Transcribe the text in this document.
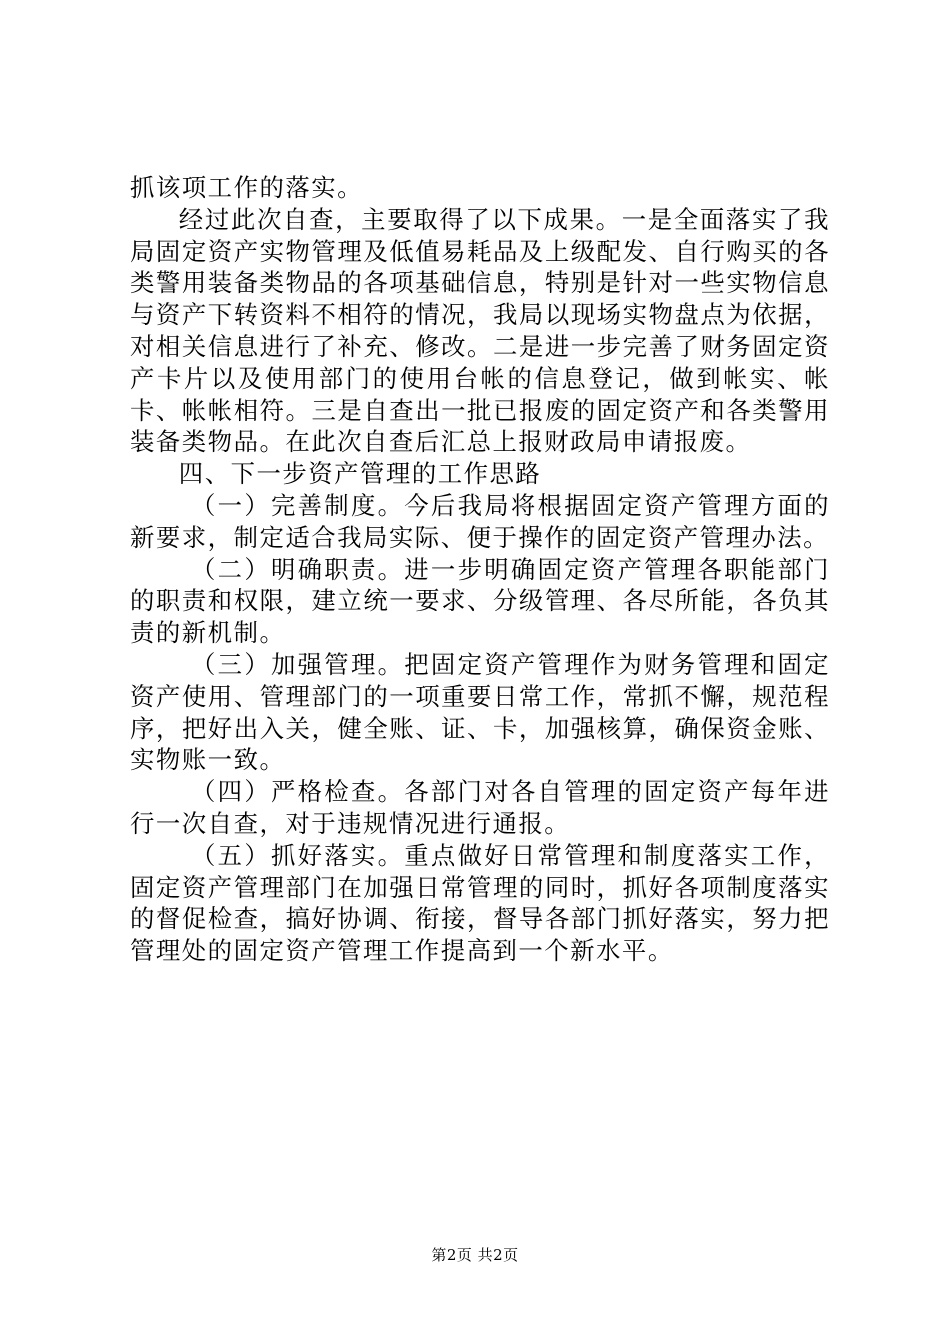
抓该项工作的落实。

经过此次自查，主要取得了以下成果。一是全面落实了我局固定资产实物管理及低值易耗品及上级配发、自行购买的各类警用装备类物品的各项基础信息，特别是针对一些实物信息与资产下转资料不相符的情况，我局以现场实物盘点为依据，对相关信息进行了补充、修改。二是进一步完善了财务固定资产卡片以及使用部门的使用台帐的信息登记，做到帐实、帐卡、帐帐相符。三是自查出一批已报废的固定资产和各类警用装备类物品。在此次自查后汇总上报财政局申请报废。

四、下一步资产管理的工作思路

（一）完善制度。今后我局将根据固定资产管理方面的新要求，制定适合我局实际、便于操作的固定资产管理办法。

（二）明确职责。进一步明确固定资产管理各职能部门的职责和权限，建立统一要求、分级管理、各尽所能，各负其责的新机制。

（三）加强管理。把固定资产管理作为财务管理和固定资产使用、管理部门的一项重要日常工作，常抓不懈，规范程序，把好出入关，健全账、证、卡，加强核算，确保资金账、实物账一致。

（四）严格检查。各部门对各自管理的固定资产每年进行一次自查，对于违规情况进行通报。

（五）抓好落实。重点做好日常管理和制度落实工作，固定资产管理部门在加强日常管理的同时，抓好各项制度落实的督促检查，搞好协调、衔接，督导各部门抓好落实，努力把管理处的固定资产管理工作提高到一个新水平。

第2页 共2页
